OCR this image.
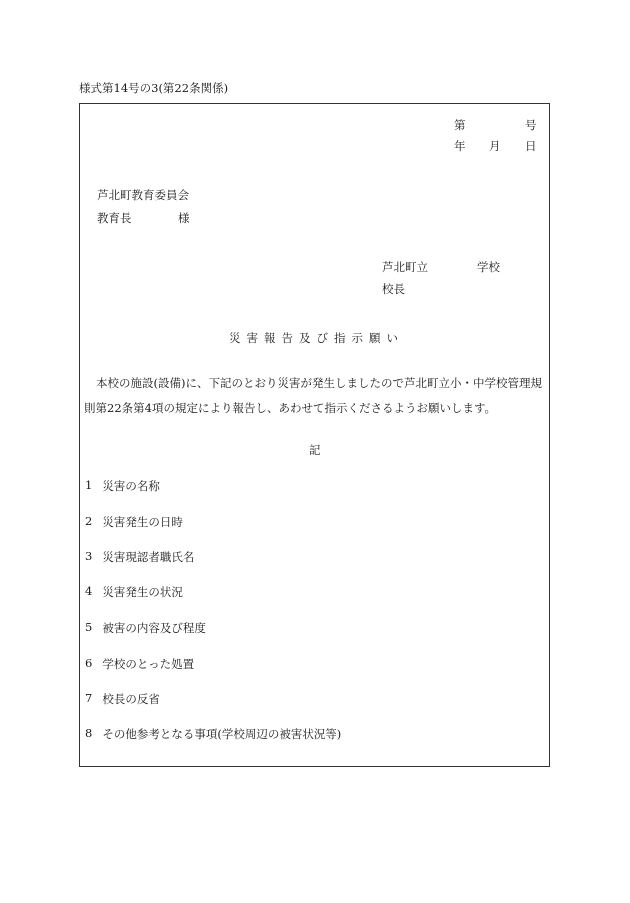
様式第14号の3(第22条関係)
第	号
年 月 日
芦北町教育委員会
教育長	様
芦北町立	学校
校長
災害報告及び指示願い
本校の施設(設備)に、下記のとおり災害が発生しましたので芦北町立小・中学校管理規
則第22条第4項の規定により報告し、あわせて指示くださるようお願いします。
記
1 災害の名称
2 災害発生の日時
3 災害現認者職氏名
4 災害発生の状況
5 被害の内容及び程度
6 学校のとった処置
7 校長の反省
8 その他参考となる事項(学校周辺の被害状況等)
